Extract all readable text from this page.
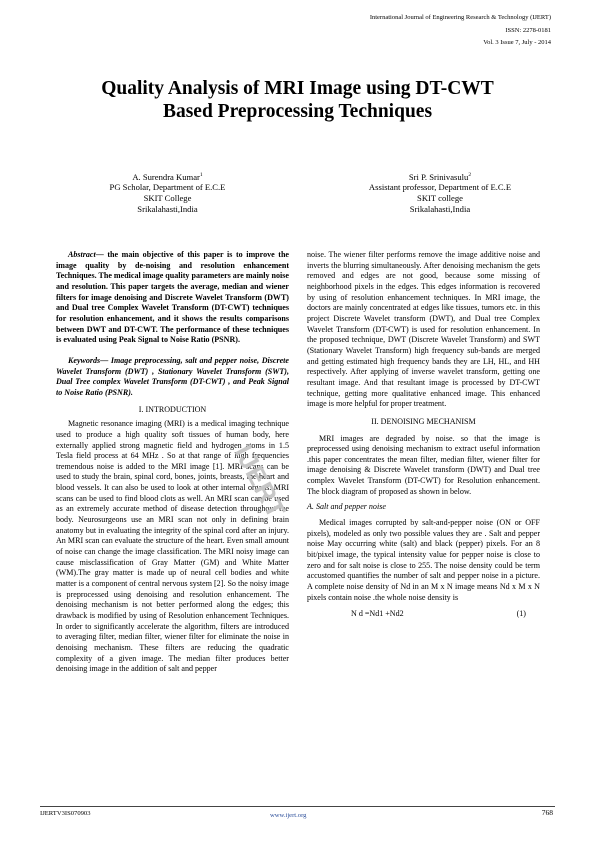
International Journal of Engineering Research & Technology (IJERT)
ISSN: 2278-0181
Vol. 3 Issue 7, July - 2014
Quality Analysis of MRI Image using DT-CWT
Based Preprocessing Techniques
A. Surendra Kumar$^1$
PG Scholar, Department of E.C.E
SKIT College
Srikalahasti,India
Sri P. Srinivasulu$^2$
Assistant professor, Department of E.C.E
SKIT college
Srikalahasti,India

Abstract— the main objective of this paper is to improve the image quality by de-noising and resolution enhancement Techniques. The medical image quality parameters are mainly noise and resolution. This paper targets the average, median and wiener filters for image denoising and Discrete Wavelet Transform (DWT) and Dual tree Complex Wavelet Transform (DT-CWT) techniques for resolution enhancement, and it shows the results comparisons between DWT and DT-CWT. The performance of these techniques is evaluated using Peak Signal to Noise Ratio (PSNR).

Keywords— Image preprocessing, salt and pepper noise, Discrete Wavelet Transform (DWT) , Stationary Wavelet Transform (SWT), Dual Tree complex Wavelet Transform (DT-CWT) , and Peak Signal to Noise Ratio (PSNR).

I. INTRODUCTION

Magnetic resonance imaging (MRI) is a medical imaging technique used to produce a high quality soft tissues of human body, here externally applied strong magnetic field and hydrogen atoms in 1.5 Tesla field process at 64 MHz . So at that range of high frequencies tremendous noise is added to the MRI image [1]. MRI scans can be used to study the brain, spinal cord, bones, joints, breasts, the heart and blood vessels. It can also be used to look at other internal organs. MRI scans can be used to find blood clots as well. An MRI scan can be used as an extremely accurate method of disease detection throughout the body. Neurosurgeons use an MRI scan not only in defining brain anatomy but in evaluating the integrity of the spinal cord after an injury. An MRI scan can evaluate the structure of the heart. Even small amount of noise can change the image classification. The MRI noisy image can cause misclassification of Gray Matter (GM) and White Matter (WM).The gray matter is made up of neural cell bodies and white matter is a component of central nervous system [2]. So the noisy image is preprocessed using denoising and resolution enhancement. The denoising mechanism is not better performed along the edges; this drawback is modified by using of Resolution enhancement Techniques. In order to significantly accelerate the algorithm, filters are introduced to averaging filter, median filter, wiener filter for eliminate the noise in denoising mechanism. These filters are reducing the quadratic complexity of a given image. The median filter produces better denoising image in the addition of salt and pepper

noise. The wiener filter performs remove the image additive noise and inverts the blurring simultaneously. After denoising mechanism the gets removed and edges are not good, because some missing of neighborhood pixels in the edges. This edges information is recovered by using of resolution enhancement techniques. In MRI image, the doctors are mainly concentrated at edges like tissues, tumors etc. in this project Discrete Wavelet transform (DWT), and Dual tree Complex Wavelet Transform (DT-CWT) is used for resolution enhancement. In the proposed technique, DWT (Discrete Wavelet Transform) and SWT (Stationary Wavelet Transform) high frequency sub-bands are merged and getting estimated high frequency bands they are LH, HL, and HH respectively. After applying of inverse wavelet transform, getting one resultant image. And that resultant image is processed by DT-CWT technique, getting more qualitative enhanced image. This enhanced image is more helpful for proper treatment.

II. DENOISING MECHANISM

MRI images are degraded by noise. so that the image is preprocessed using denoising mechanism to extract useful information .this paper concentrates the mean filter, median filter, wiener filter for image denoising & Discrete Wavelet transform (DWT) and Dual tree complex Wavelet Transform (DT-CWT) for Resolution enhancement. The block diagram of proposed as shown in below.

A. Salt and pepper noise

Medical images corrupted by salt-and-pepper noise (ON or OFF pixels), modeled as only two possible values they are . Salt and pepper noise May occurring white (salt) and black (pepper) pixels. For an 8 bit/pixel image, the typical intensity value for pepper noise is close to zero and for salt noise is close to 255. The noise density could be term accustomed quantifies the number of salt and pepper noise in a picture. A complete noise density of Nd in an M x N image means Nd x M x N pixels contain noise .the whole noise density is

N d =Nd1 +Nd2	(1)
IJERT
IJERTV3IS070903	www.ijert.org	768
